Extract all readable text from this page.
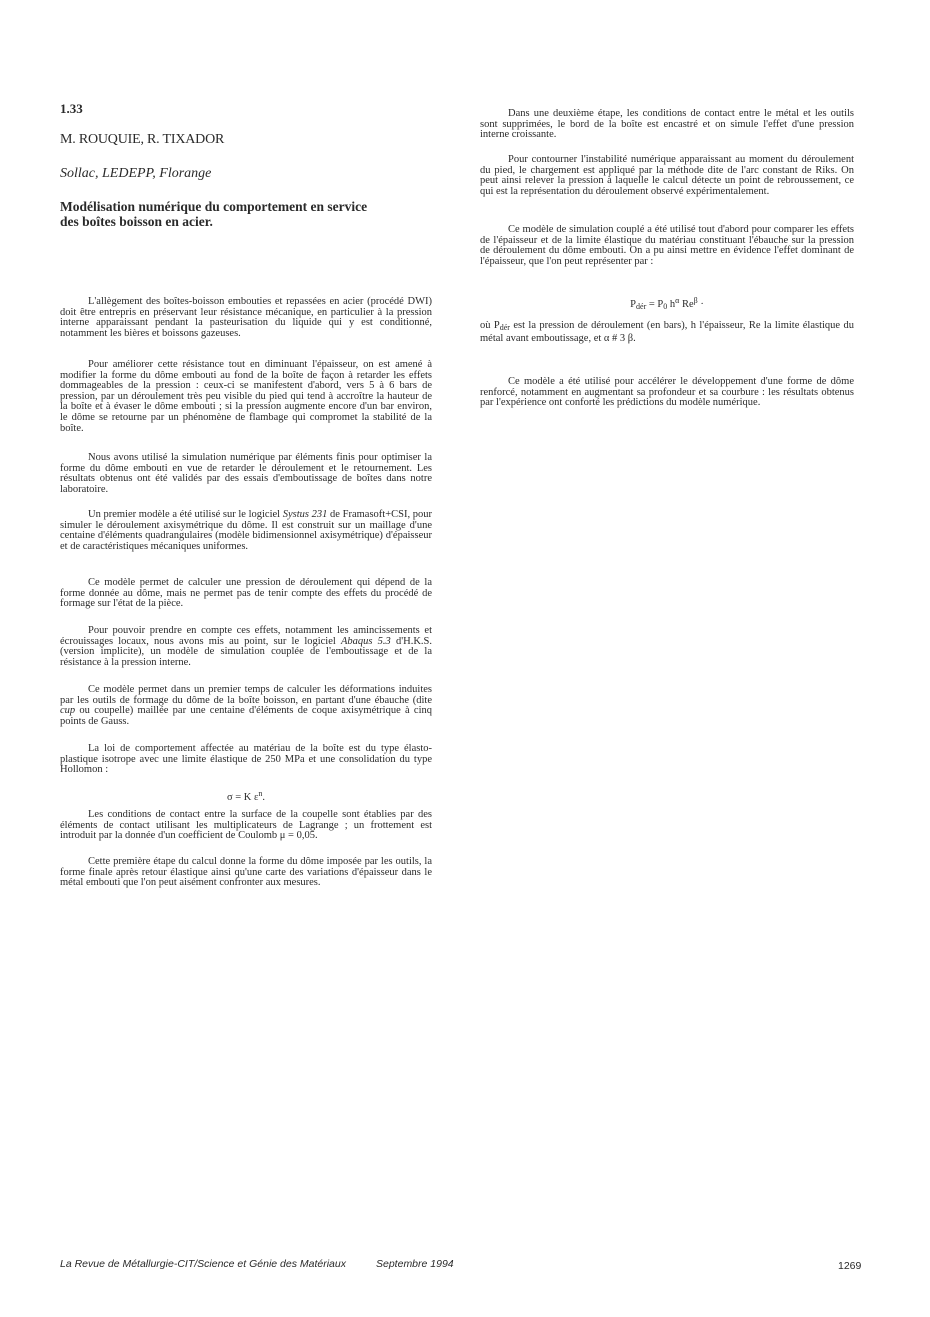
1.33
M. ROUQUIE, R. TIXADOR
Sollac, LEDEPP, Florange
Modélisation numérique du comportement en service
des boîtes boisson en acier.

L'allègement des boîtes-boisson embouties et repassées en acier (procédé DWI) doit être entrepris en préservant leur résistance mécanique, en particulier à la pression interne apparaissant pendant la pasteurisation du liquide qui y est conditionné, notamment les bières et boissons gazeuses.

Pour améliorer cette résistance tout en diminuant l'épaisseur, on est amené à modifier la forme du dôme embouti au fond de la boîte de façon à retarder les effets dommageables de la pression : ceux-ci se manifestent d'abord, vers 5 à 6 bars de pression, par un déroulement très peu visible du pied qui tend à accroître la hauteur de la boîte et à évaser le dôme embouti ; si la pression augmente encore d'un bar environ, le dôme se retourne par un phénomène de flambage qui compromet la stabilité de la boîte.

Nous avons utilisé la simulation numérique par éléments finis pour optimiser la forme du dôme embouti en vue de retarder le déroulement et le retournement. Les résultats obtenus ont été validés par des essais d'emboutissage de boîtes dans notre laboratoire.

Un premier modèle a été utilisé sur le logiciel Systus 231 de Framasoft+CSI, pour simuler le déroulement axisymétrique du dôme. Il est construit sur un maillage d'une centaine d'éléments quadrangulaires (modèle bidimensionnel axisymétrique) d'épaisseur et de caractéristiques mécaniques uniformes.

Ce modèle permet de calculer une pression de déroulement qui dépend de la forme donnée au dôme, mais ne permet pas de tenir compte des effets du procédé de formage sur l'état de la pièce.

Pour pouvoir prendre en compte ces effets, notamment les amincissements et écrouissages locaux, nous avons mis au point, sur le logiciel Abaqus 5.3 d'H.K.S. (version implicite), un modèle de simulation couplée de l'emboutissage et de la résistance à la pression interne.

Ce modèle permet dans un premier temps de calculer les déformations induites par les outils de formage du dôme de la boîte boisson, en partant d'une ébauche (dite cup ou coupelle) maillée par une centaine d'éléments de coque axisymétrique à cinq points de Gauss.

La loi de comportement affectée au matériau de la boîte est du type élasto-plastique isotrope avec une limite élastique de 250 MPa et une consolidation du type Hollomon :

σ = K $\varepsilon^n$.

Les conditions de contact entre la surface de la coupelle sont établies par des éléments de contact utilisant les multiplicateurs de Lagrange ; un frottement est introduit par la donnée d'un coefficient de Coulomb μ = 0,05.

Cette première étape du calcul donne la forme du dôme imposée par les outils, la forme finale après retour élastique ainsi qu'une carte des variations d'épaisseur dans le métal embouti que l'on peut aisément confronter aux mesures.

Dans une deuxième étape, les conditions de contact entre le métal et les outils sont supprimées, le bord de la boîte est encastré et on simule l'effet d'une pression interne croissante.

Pour contourner l'instabilité numérique apparaissant au moment du déroulement du pied, le chargement est appliqué par la méthode dite de l'arc constant de Riks. On peut ainsi relever la pression à laquelle le calcul détecte un point de rebroussement, ce qui est la représentation du déroulement observé expérimentalement.

Ce modèle de simulation couplé a été utilisé tout d'abord pour comparer les effets de l'épaisseur et de la limite élastique du matériau constituant l'ébauche sur la pression de déroulement du dôme embouti. On a pu ainsi mettre en évidence l'effet dominant de l'épaisseur, que l'on peut représenter par :

$P_{dér} = P_0$ $h^\alpha$ $Re^\beta$ ·

où $P_{dér}$ est la pression de déroulement (en bars), h l'épaisseur, Re la limite élastique du métal avant emboutissage, et α # 3 β.

Ce modèle a été utilisé pour accélérer le développement d'une forme de dôme renforcé, notamment en augmentant sa profondeur et sa courbure : les résultats obtenus par l'expérience ont conforté les prédictions du modèle numérique.

La Revue de Métallurgie-CIT/Science et Génie des Matériaux	Septembre 1994	1269
